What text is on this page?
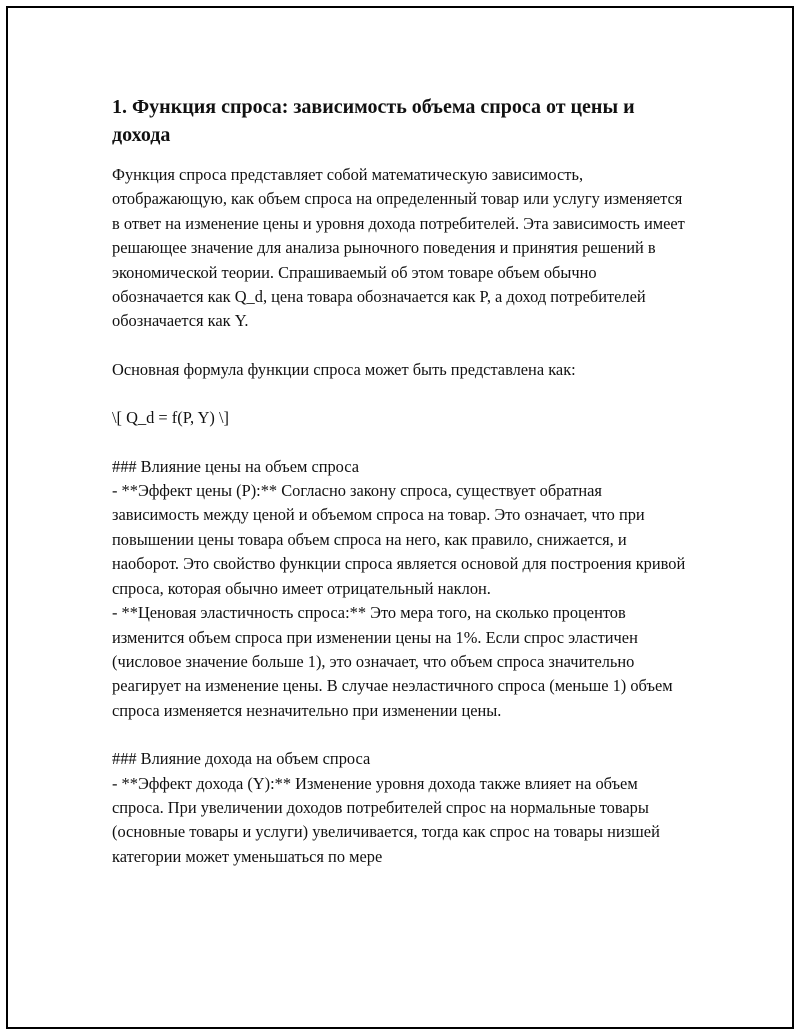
1. Функция спроса: зависимость объема спроса от цены и дохода

Функция спроса представляет собой математическую зависимость, отображающую, как объем спроса на определенный товар или услугу изменяется в ответ на изменение цены и уровня дохода потребителей. Эта зависимость имеет решающее значение для анализа рыночного поведения и принятия решений в экономической теории. Спрашиваемый об этом товаре объем обычно обозначается как Q_d, цена товара обозначается как P, а доход потребителей обозначается как Y.

Основная формула функции спроса может быть представлена как:

\[ Q_d = f(P, Y) \]

### Влияние цены на объем спроса

- **Эффект цены (P):** Согласно закону спроса, существует обратная зависимость между ценой и объемом спроса на товар. Это означает, что при повышении цены товара объем спроса на него, как правило, снижается, и наоборот. Это свойство функции спроса является основой для построения кривой спроса, которая обычно имеет отрицательный наклон.

- **Ценовая эластичность спроса:** Это мера того, на сколько процентов изменится объем спроса при изменении цены на 1%. Если спрос эластичен (числовое значение больше 1), это означает, что объем спроса значительно реагирует на изменение цены. В случае неэластичного спроса (меньше 1) объем спроса изменяется незначительно при изменении цены.

### Влияние дохода на объем спроса

- **Эффект дохода (Y):** Изменение уровня дохода также влияет на объем спроса. При увеличении доходов потребителей спрос на нормальные товары (основные товары и услуги) увеличивается, тогда как спрос на товары низшей категории может уменьшаться по мере
